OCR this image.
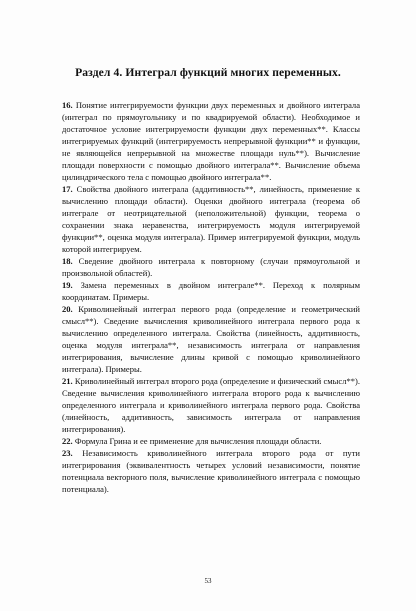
Раздел 4. Интеграл функций многих переменных.

16. Понятие интегрируемости функции двух переменных и двойного интеграла (интеграл по прямоугольнику и по квадрируемой области). Необходимое и достаточное условие интегрируемости функции двух переменных**. Классы интегрируемых функций (интегрируемость непрерывной функции** и функции, не являющейся непрерывной на множестве площади нуль**). Вычисление площади поверхности с помощью двойного интеграла**. Вычисление объема цилиндрического тела с помощью двойного интеграла**.

17. Свойства двойного интеграла (аддитивность**, линейность, применение к вычислению площади области). Оценки двойного интеграла (теорема об интеграле от неотрицательной (неположительной) функции, теорема о сохранении знака неравенства, интегрируемость модуля интегрируемой функции**, оценка модуля интеграла). Пример интегрируемой функции, модуль которой интегрируем.

18. Сведение двойного интеграла к повторному (случаи прямоугольной и произвольной областей).

19. Замена переменных в двойном интеграле**. Переход к полярным координатам. Примеры.

20. Криволинейный интеграл первого рода (определение и геометрический смысл**). Сведение вычисления криволинейного интеграла первого рода к вычислению определенного интеграла. Свойства (линейность, аддитивность, оценка модуля интеграла**, независимость интеграла от направления интегрирования, вычисление длины кривой с помощью криволинейного интеграла). Примеры.

21. Криволинейный интеграл второго рода (определение и физический смысл**). Сведение вычисления криволинейного интеграла второго рода к вычислению определенного интеграла и криволинейного интеграла первого рода. Свойства (линейность, аддитивность, зависимость интеграла от направления интегрирования).

22. Формула Грина и ее применение для вычисления площади области.

23. Независимость криволинейного интеграла второго рода от пути интегрирования (эквивалентность четырех условий независимости, понятие потенциала векторного поля, вычисление криволинейного интеграла с помощью потенциала).

53
